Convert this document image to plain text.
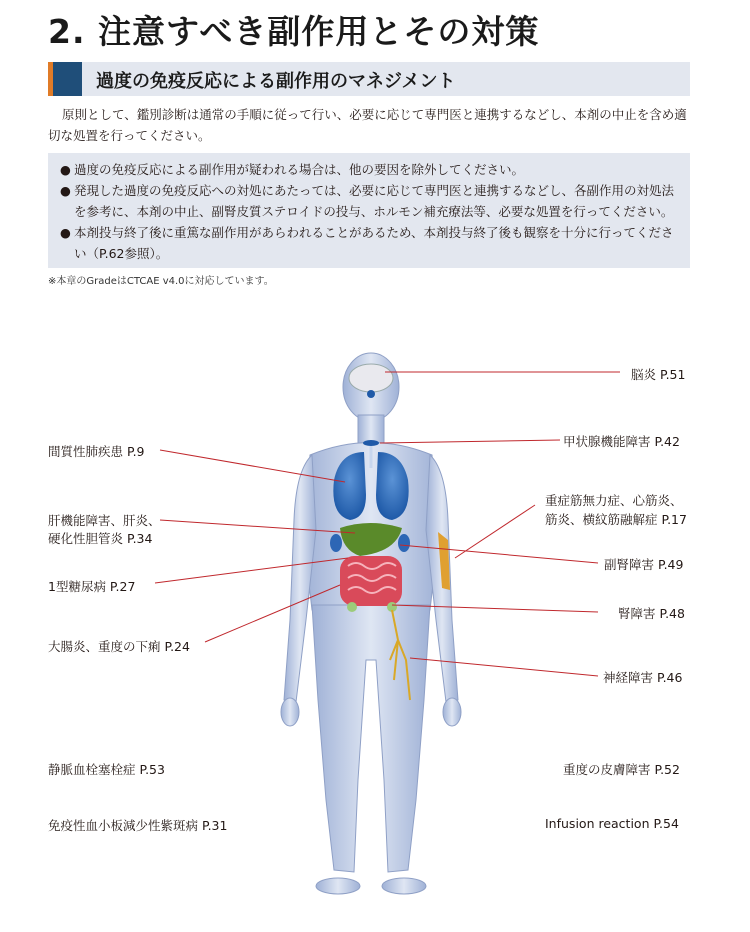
2. 注意すべき副作用とその対策
過度の免疫反応による副作用のマネジメント
原則として、鑑別診断は通常の手順に従って行い、必要に応じて専門医と連携するなどし、本剤の中止を含め適切な処置を行ってください。
● 過度の免疫反応による副作用が疑われる場合は、他の要因を除外してください。
● 発現した過度の免疫反応への対処にあたっては、必要に応じて専門医と連携するなどし、各副作用の対処法を参考に、本剤の中止、副腎皮質ステロイドの投与、ホルモン補充療法等、必要な処置を行ってください。
● 本剤投与終了後に重篤な副作用があらわれることがあるため、本剤投与終了後も観察を十分に行ってください（P.62参照）。
※本章のGradeはCTCAE v4.0に対応しています。
脳炎 P.51
甲状腺機能障害 P.42
間質性肺疾患 P.9
重症筋無力症、心筋炎、
筋炎、横紋筋融解症 P.17
肝機能障害、肝炎、
硬化性胆管炎 P.34
副腎障害 P.49
1型糖尿病 P.27
腎障害 P.48
大腸炎、重度の下痢 P.24
神経障害 P.46
静脈血栓塞栓症 P.53	重度の皮膚障害 P.52
免疫性血小板減少性紫斑病 P.31	Infusion reaction P.54
